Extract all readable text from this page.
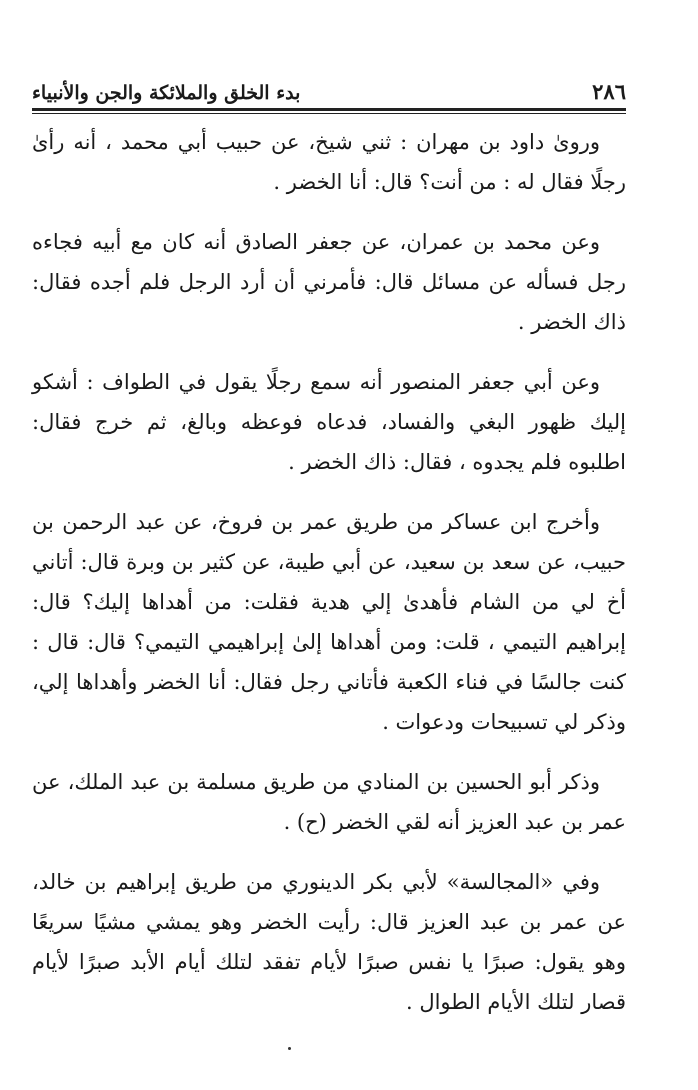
٢٨٦
بدء الخلق والملائكة والجن والأنبياء

ورویٰ داود بن مهران : ثني شيخ، عن حبيب أبي محمد ، أنه رأىٰ رجلًا فقال له : من أنت؟ قال: أنا الخضر .

وعن محمد بن عمران، عن جعفر الصادق أنه كان مع أبيه فجاءه رجل فسأله عن مسائل قال: فأمرني أن أرد الرجل فلم أجده فقال: ذاك الخضر .

وعن أبي جعفر المنصور أنه سمع رجلًا يقول في الطواف : أشكو إليك ظهور البغي والفساد، فدعاه فوعظه وبالغ، ثم خرج فقال: اطلبوه فلم يجدوه ، فقال: ذاك الخضر .

وأخرج ابن عساكر من طريق عمر بن فروخ، عن عبد الرحمن بن حبيب، عن سعد بن سعيد، عن أبي طيبة، عن كثير بن وبرة قال: أتاني أخ لي من الشام فأهدىٰ إلي هدية فقلت: من أهداها إليك؟ قال: إبراهيم التيمي ، قلت: ومن أهداها إلىٰ إبراهيمي التيمي؟ قال: قال : كنت جالسًا في فناء الكعبة فأتاني رجل فقال: أنا الخضر وأهداها إلي، وذكر لي تسبيحات ودعوات .

وذكر أبو الحسين بن المنادي من طريق مسلمة بن عبد الملك، عن عمر بن عبد العزيز أنه لقي الخضر (ح) .

وفي «المجالسة» لأبي بكر الدينوري من طريق إبراهيم بن خالد، عن عمر بن عبد العزيز قال: رأيت الخضر وهو يمشي مشيًا سريعًا وهو يقول: صبرًا يا نفس صبرًا لأيام تفقد لتلك أيام الأبد صبرًا لأيام قصار لتلك الأيام الطوال .
